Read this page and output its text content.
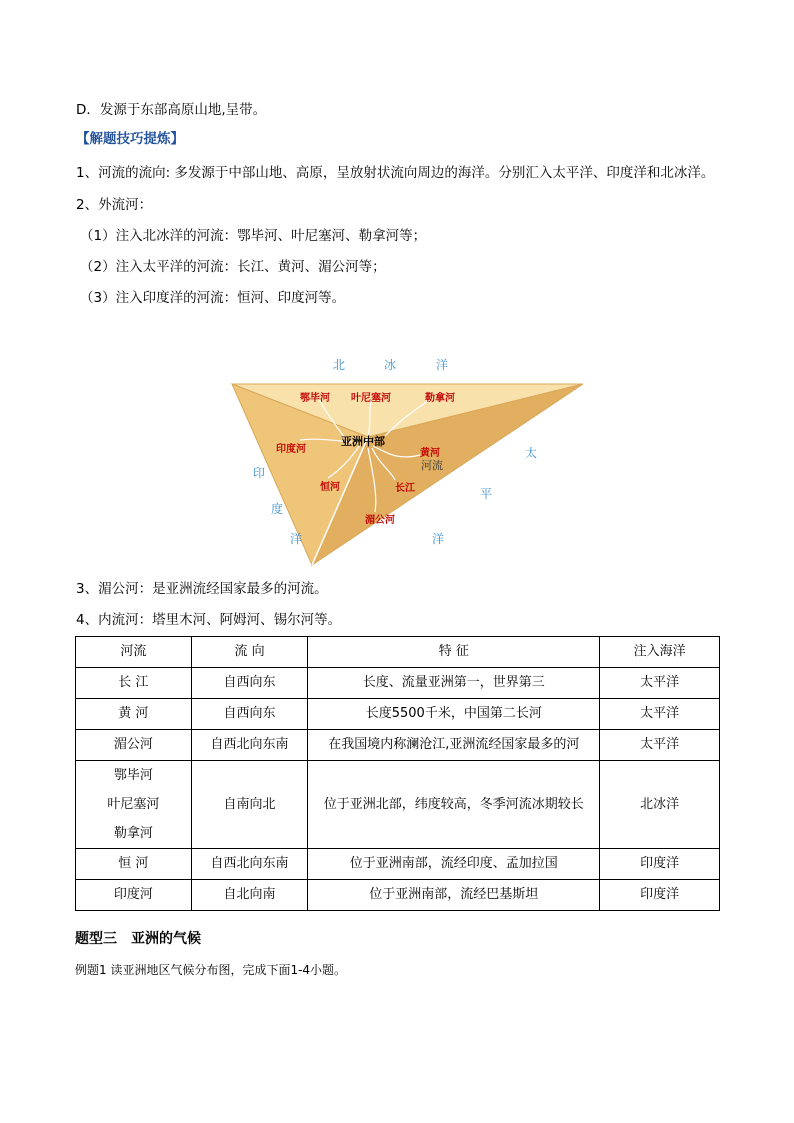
D．发源于东部高原山地,呈带。
【解题技巧提炼】
1、河流的流向: 多发源于中部山地、高原，呈放射状流向周边的海洋。分别汇入太平洋、印度洋和北冰洋。
2、外流河：
（1）注入北冰洋的河流：鄂毕河、叶尼塞河、勒拿河等；
（2）注入太平洋的河流：长江、黄河、湄公河等；
（3）注入印度洋的河流：恒河、印度河等。
北	冰	洋
太
平
洋
印
度
洋
鄂毕河 叶尼塞河	勒拿河
亚洲中部
印度河	黄河
河流
恒河	长江
湄公河
3、湄公河：是亚洲流经国家最多的河流。
4、内流河：塔里木河、阿姆河、锡尔河等。
河流	流 向	特 征	注入海洋
长 江	自西向东	长度、流量亚洲第一，世界第三	太平洋
黄 河	自西向东	长度5500千米，中国第二长河	太平洋
湄公河	自西北向东南	在我国境内称澜沧江,亚洲流经国家最多的河	太平洋

鄂毕河
叶尼塞河
勒拿河	自南向北	位于亚洲北部，纬度较高，冬季河流冰期较长	北冰洋
恒 河	自西北向东南	位于亚洲南部，流经印度、孟加拉国	印度洋
印度河	自北向南	位于亚洲南部，流经巴基斯坦	印度洋
题型三　亚洲的气候
例题1 读亚洲地区气候分布图，完成下面1-4小题。
